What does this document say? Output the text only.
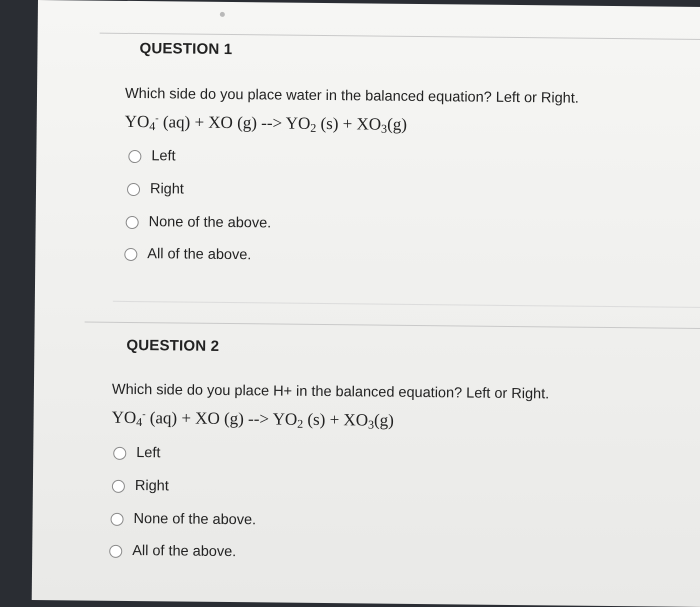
QUESTION 1
Which side do you place water in the balanced equation? Left or Right.
$YO_4^-$ (aq) + XO (g) --> $YO_2$ $(s) + XO_3(g)$
Left
Right
None of the above.
All of the above.
QUESTION 2
Which side do you place H+ in the balanced equation? Left or Right.
$YO_4^-$ (aq) + XO (g) --> $YO_2$ $(s) + XO_3(g)$
Left
Right
None of the above.
All of the above.
